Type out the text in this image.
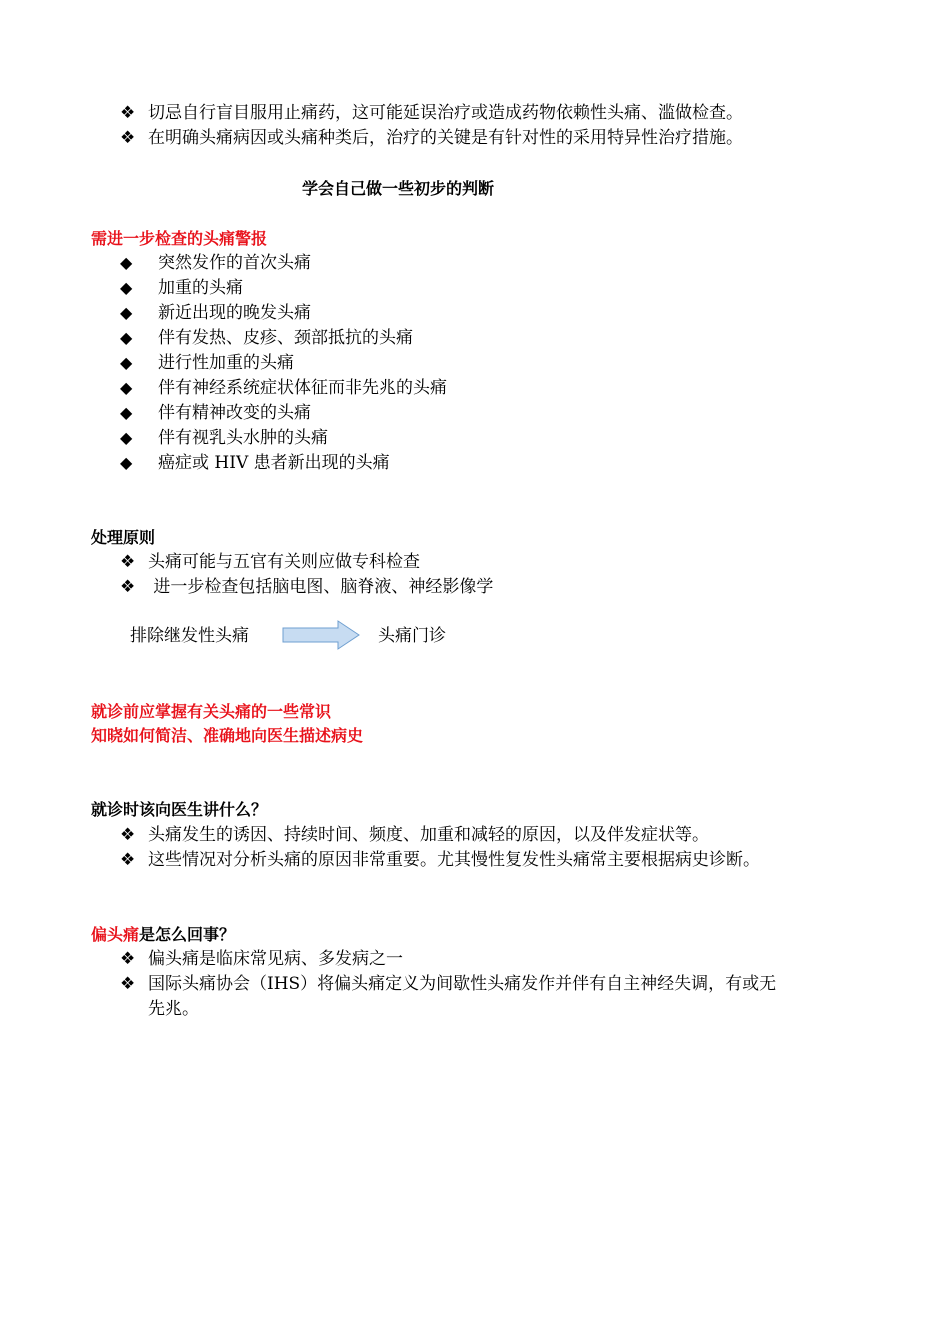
❖ 切忌自行盲目服用止痛药，这可能延误治疗或造成药物依赖性头痛、滥做检查。
❖ 在明确头痛病因或头痛种类后，治疗的关键是有针对性的采用特异性治疗措施。
学会自己做一些初步的判断
需进一步检查的头痛警报
◆ 突然发作的首次头痛
◆ 加重的头痛
◆ 新近出现的晚发头痛
◆ 伴有发热、皮疹、颈部抵抗的头痛
◆ 进行性加重的头痛
◆ 伴有神经系统症状体征而非先兆的头痛
◆ 伴有精神改变的头痛
◆ 伴有视乳头水肿的头痛
◆ 癌症或 HIV 患者新出现的头痛
处理原则
❖ 头痛可能与五官有关则应做专科检查
❖ 进一步检查包括脑电图、脑脊液、神经影像学
排除继发性头痛	头痛门诊
就诊前应掌握有关头痛的一些常识
知晓如何简洁、准确地向医生描述病史
就诊时该向医生讲什么？
❖ 头痛发生的诱因、持续时间、频度、加重和减轻的原因，以及伴发症状等。
❖ 这些情况对分析头痛的原因非常重要。尤其慢性复发性头痛常主要根据病史诊断。
偏头痛是怎么回事？
❖ 偏头痛是临床常见病、多发病之一
❖ 国际头痛协会（IHS）将偏头痛定义为间歇性头痛发作并伴有自主神经失调，有或无
先兆。
